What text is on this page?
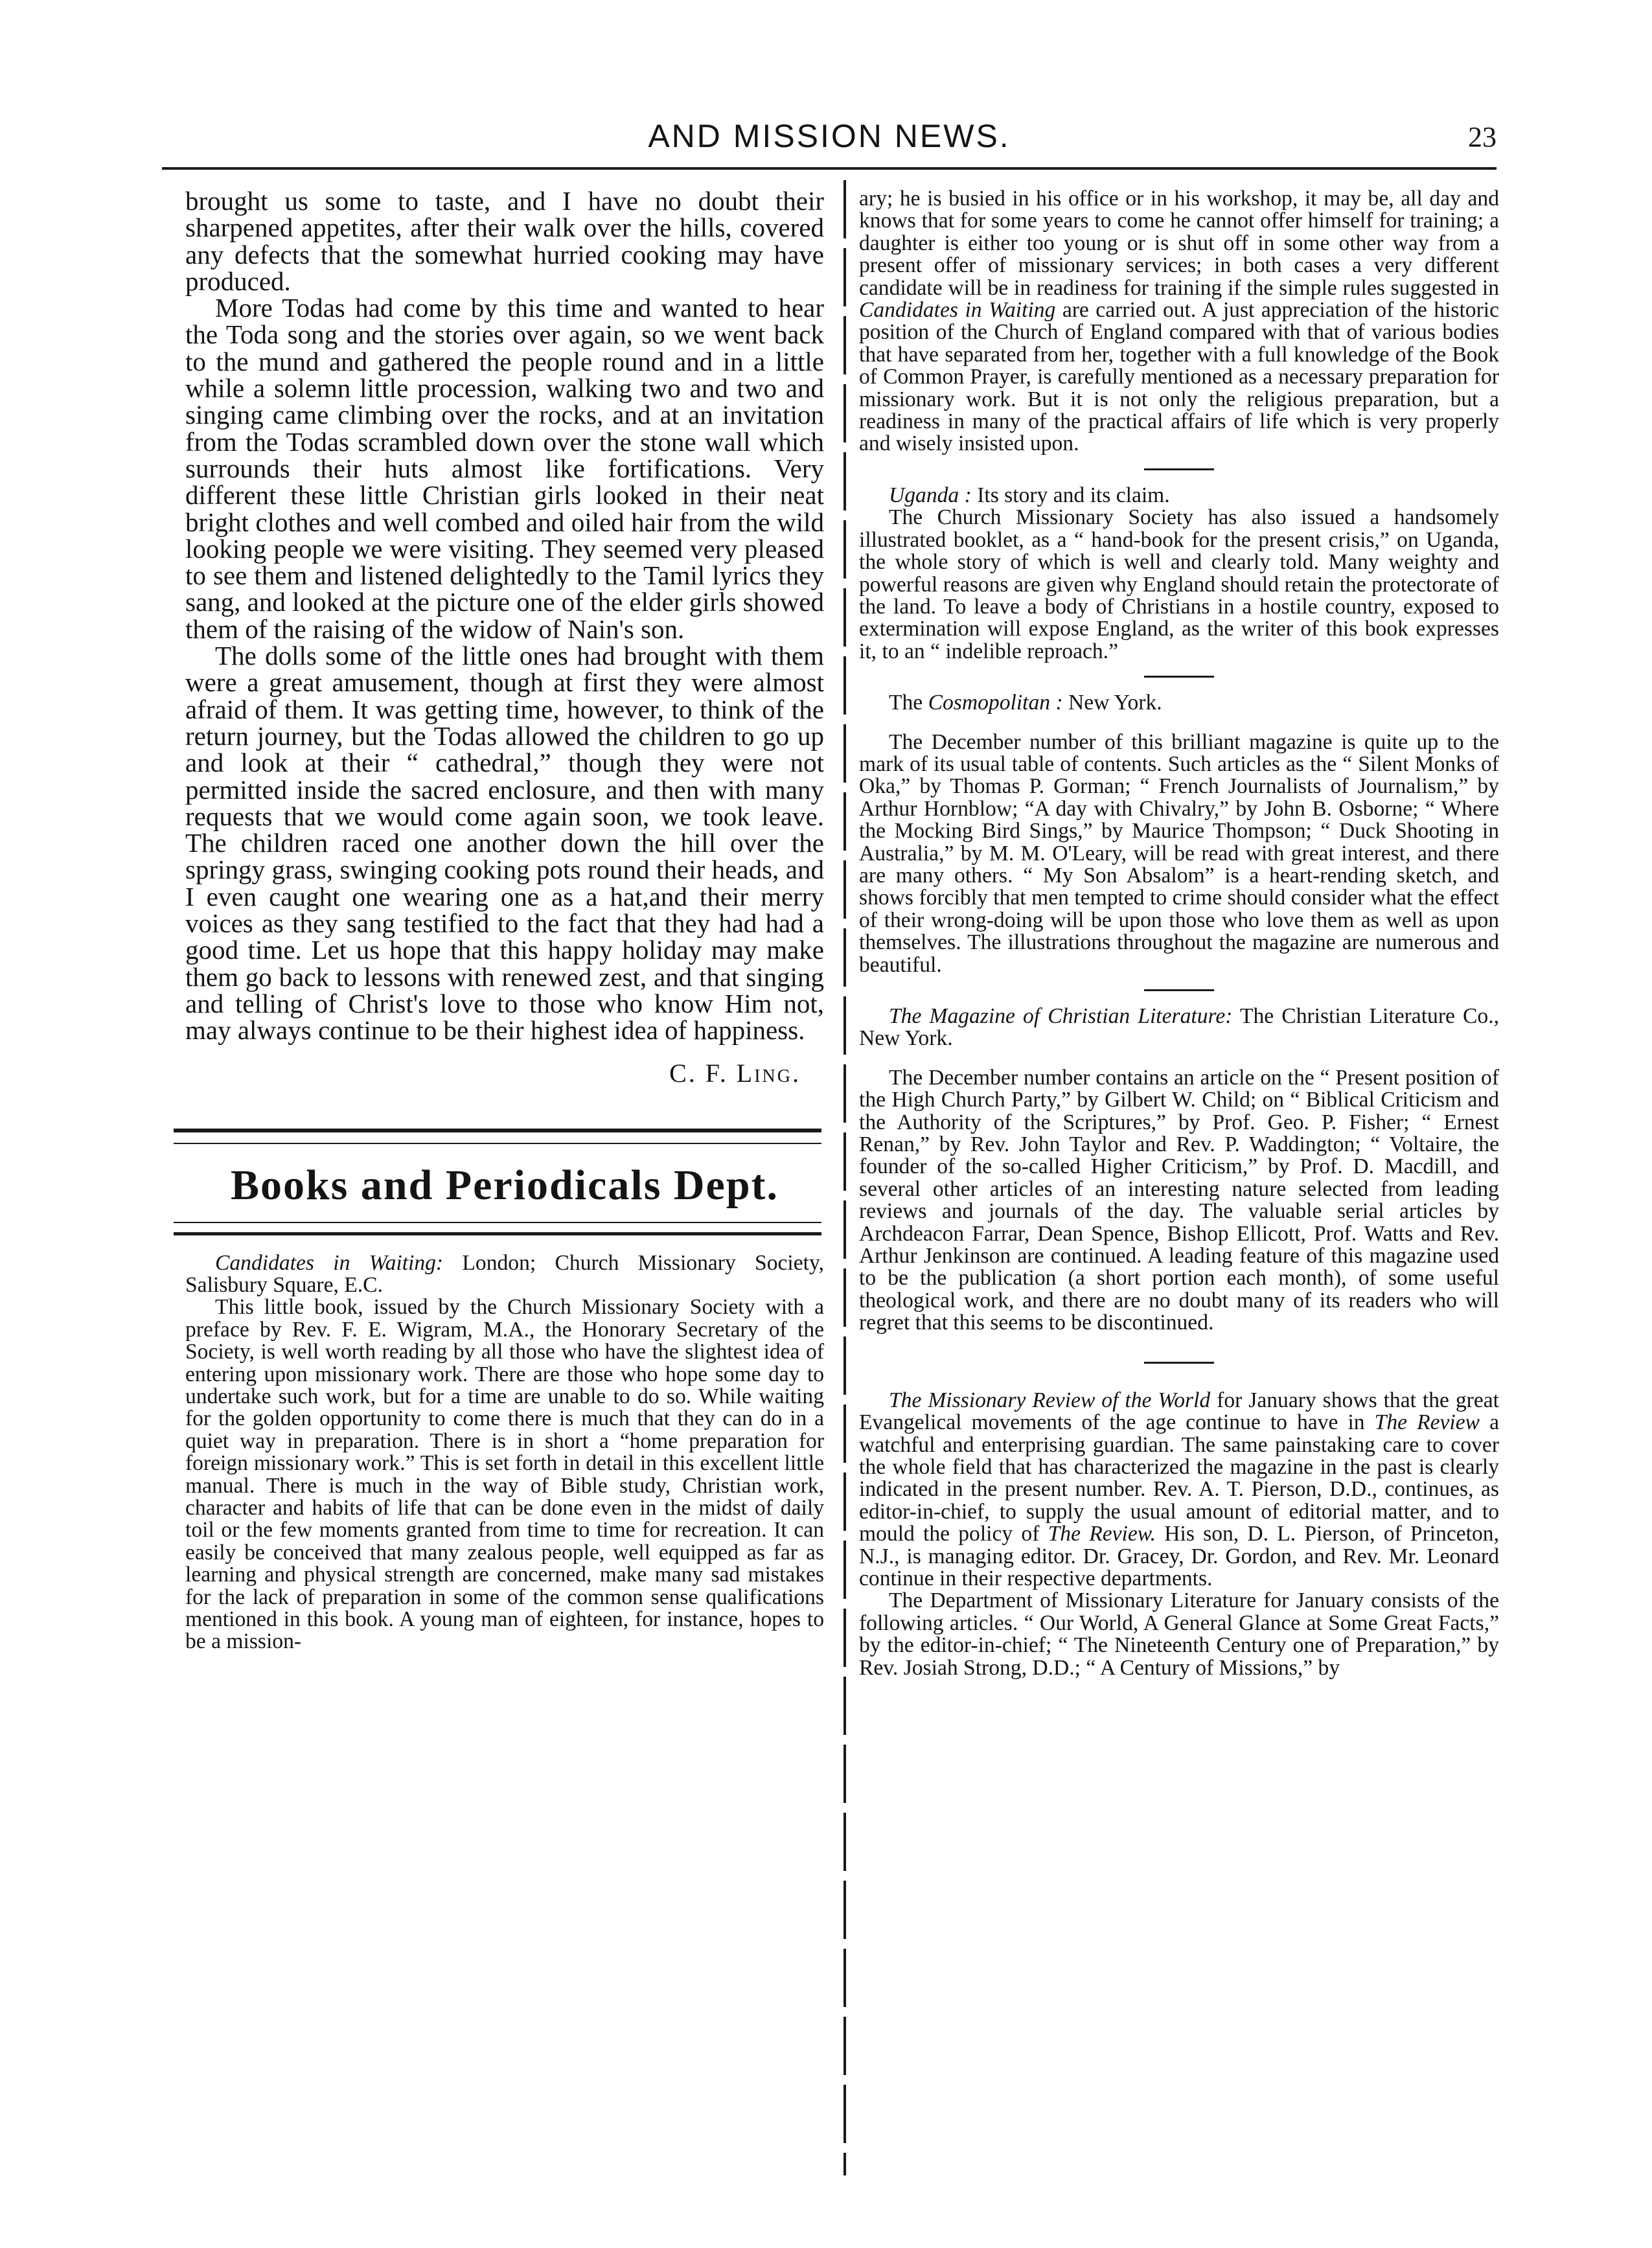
AND MISSION NEWS.	23

brought us some to taste, and I have no doubt their sharpened appetites, after their walk over the hills, covered any defects that the somewhat hurried cooking may have produced.

More Todas had come by this time and wanted to hear the Toda song and the stories over again, so we went back to the mund and gathered the people round and in a little while a solemn little procession, walking two and two and singing came climbing over the rocks, and at an invitation from the Todas scrambled down over the stone wall which surrounds their huts almost like fortifications. Very different these little Christian girls looked in their neat bright clothes and well combed and oiled hair from the wild looking people we were visiting. They seemed very pleased to see them and listened delightedly to the Tamil lyrics they sang, and looked at the picture one of the elder girls showed them of the raising of the widow of Nain's son.

The dolls some of the little ones had brought with them were a great amusement, though at first they were almost afraid of them. It was getting time, however, to think of the return journey, but the Todas allowed the children to go up and look at their “ cathedral,” though they were not permitted inside the sacred enclosure, and then with many requests that we would come again soon, we took leave. The children raced one another down the hill over the springy grass, swinging cooking pots round their heads, and I even caught one wearing one as a hat,and their merry voices as they sang testified to the fact that they had had a good time. Let us hope that this happy holiday may make them go back to lessons with renewed zest, and that singing and telling of Christ's love to those who know Him not, may always continue to be their highest idea of happiness.

C. F. Ling.
Books and Periodicals Dept.
Candidates in Waiting: London; Church Missionary Society, Salisbury Square, E.C.

This little book, issued by the Church Missionary Society with a preface by Rev. F. E. Wigram, M.A., the Honorary Secretary of the Society, is well worth reading by all those who have the slightest idea of entering upon missionary work. There are those who hope some day to undertake such work, but for a time are unable to do so. While waiting for the golden opportunity to come there is much that they can do in a quiet way in preparation. There is in short a “home preparation for foreign missionary work.” This is set forth in detail in this excellent little manual. There is much in the way of Bible study, Christian work, character and habits of life that can be done even in the midst of daily toil or the few moments granted from time to time for recreation. It can easily be conceived that many zealous people, well equipped as far as learning and physical strength are concerned, make many sad mistakes for the lack of preparation in some of the common sense qualifications mentioned in this book. A young man of eighteen, for instance, hopes to be a mission-

ary; he is busied in his office or in his workshop, it may be, all day and knows that for some years to come he cannot offer himself for training; a daughter is either too young or is shut off in some other way from a present offer of missionary services; in both cases a very different candidate will be in readiness for training if the simple rules suggested in Candidates in Waiting are carried out. A just appreciation of the historic position of the Church of England compared with that of various bodies that have separated from her, together with a full knowledge of the Book of Common Prayer, is carefully mentioned as a necessary preparation for missionary work. But it is not only the religious preparation, but a readiness in many of the practical affairs of life which is very properly and wisely insisted upon.

Uganda : Its story and its claim.

The Church Missionary Society has also issued a handsomely illustrated booklet, as a “ hand-book for the present crisis,” on Uganda, the whole story of which is well and clearly told. Many weighty and powerful reasons are given why England should retain the protectorate of the land. To leave a body of Christians in a hostile country, exposed to extermination will expose England, as the writer of this book expresses it, to an “ indelible reproach.”

The Cosmopolitan : New York.

The December number of this brilliant magazine is quite up to the mark of its usual table of contents. Such articles as the “ Silent Monks of Oka,” by Thomas P. Gorman; “ French Journalists of Journalism,” by Arthur Hornblow; “A day with Chivalry,” by John B. Osborne; “ Where the Mocking Bird Sings,” by Maurice Thompson; “ Duck Shooting in Australia,” by M. M. O'Leary, will be read with great interest, and there are many others. “ My Son Absalom” is a heart-rending sketch, and shows forcibly that men tempted to crime should consider what the effect of their wrong-doing will be upon those who love them as well as upon themselves. The illustrations throughout the magazine are numerous and beautiful.

The Magazine of Christian Literature: The Christian Literature Co., New York.

The December number contains an article on the “ Present position of the High Church Party,” by Gilbert W. Child; on “ Biblical Criticism and the Authority of the Scriptures,” by Prof. Geo. P. Fisher; “ Ernest Renan,” by Rev. John Taylor and Rev. P. Waddington; “ Voltaire, the founder of the so-called Higher Criticism,” by Prof. D. Macdill, and several other articles of an interesting nature selected from leading reviews and journals of the day. The valuable serial articles by Archdeacon Farrar, Dean Spence, Bishop Ellicott, Prof. Watts and Rev. Arthur Jenkinson are continued. A leading feature of this magazine used to be the publication (a short portion each month), of some useful theological work, and there are no doubt many of its readers who will regret that this seems to be discontinued.

The Missionary Review of the World for January shows that the great Evangelical movements of the age continue to have in The Review a watchful and enterprising guardian. The same painstaking care to cover the whole field that has characterized the magazine in the past is clearly indicated in the present number. Rev. A. T. Pierson, D.D., continues, as editor-in-chief, to supply the usual amount of editorial matter, and to mould the policy of The Review. His son, D. L. Pierson, of Princeton, N.J., is managing editor. Dr. Gracey, Dr. Gordon, and Rev. Mr. Leonard continue in their respective departments.

The Department of Missionary Literature for January consists of the following articles. “ Our World, A General Glance at Some Great Facts,” by the editor-in-chief; “ The Nineteenth Century one of Preparation,” by Rev. Josiah Strong, D.D.; “ A Century of Missions,” by
